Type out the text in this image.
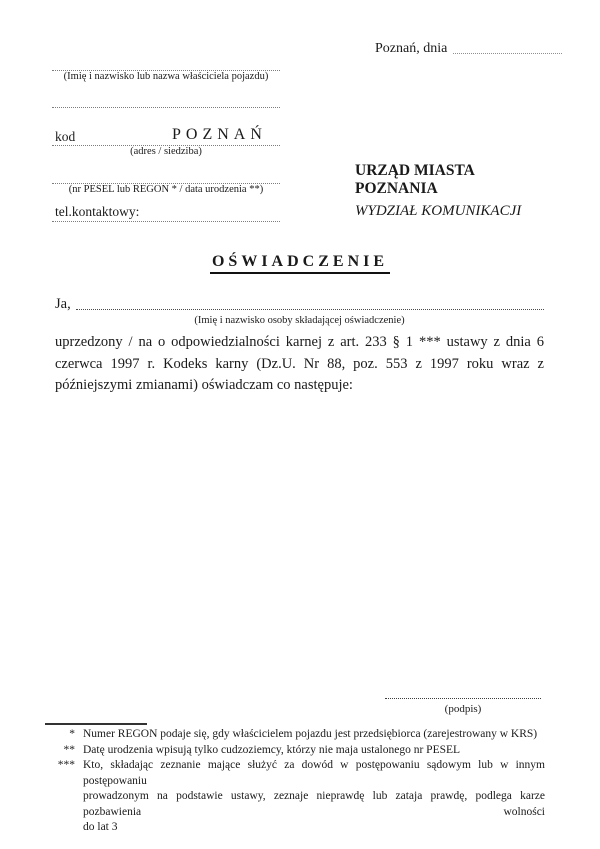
Poznań, dnia
(Imię i nazwisko lub nazwa właściciela pojazdu)
kod	POZNAŃ
(adres / siedziba)
(nr PESEL lub REGON * / data urodzenia **)
tel.kontaktowy:
URZĄD MIASTA
POZNANIA
WYDZIAŁ KOMUNIKACJI
OŚWIADCZENIE
Ja,
(Imię i nazwisko osoby składającej oświadczenie)
uprzedzony / na o odpowiedzialności karnej z art. 233 § 1 *** ustawy z dnia 6
czerwca 1997 r. Kodeks karny (Dz.U. Nr 88, poz. 553 z 1997 roku wraz z
późniejszymi zmianami) oświadczam co następuje:
(podpis)
* Numer REGON podaje się, gdy właścicielem pojazdu jest przedsiębiorca (zarejestrowany w KRS)
** Datę urodzenia wpisują tylko cudzoziemcy, którzy nie maja ustalonego nr PESEL
*** Kto, składając zeznanie mające służyć za dowód w postępowaniu sądowym lub w innym postępowaniu
prowadzonym na podstawie ustawy, zeznaje nieprawdę lub zataja prawdę, podlega karze pozbawienia wolności
do lat 3
